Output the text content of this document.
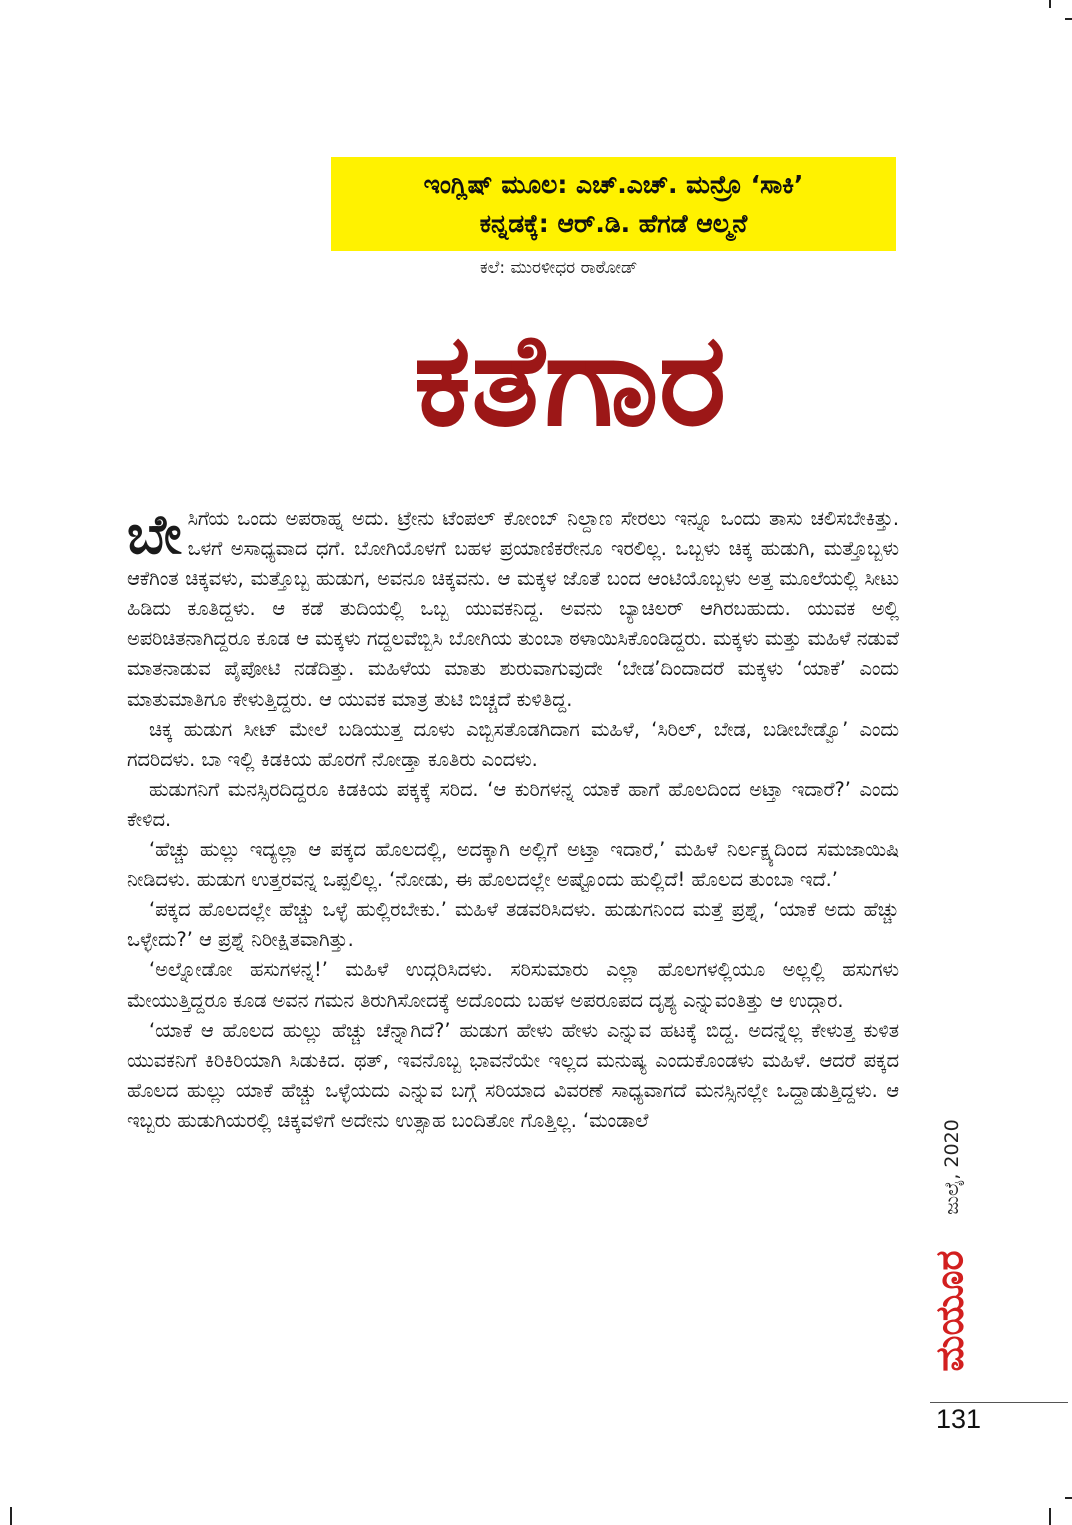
ಇಂಗ್ಲಿಷ್ ಮೂಲ: ಎಚ್.ಎಚ್. ಮನ್ರೊ ‘ಸಾಕಿ’
ಕನ್ನಡಕ್ಕೆ: ಆರ್.ಡಿ. ಹೆಗಡೆ ಆಲ್ಮನೆ
ಕಲೆ: ಮುರಳೀಧರ ರಾಠೋಡ್
ಕತೆಗಾರ

ಬೇಸಿಗೆಯ ಒಂದು ಅಪರಾಹ್ನ ಅದು. ಟ್ರೇನು ಟೆಂಪಲ್ ಕೋಂಬ್ ನಿಲ್ದಾಣ ಸೇರಲು ಇನ್ನೂ ಒಂದು ತಾಸು ಚಲಿಸಬೇಕಿತ್ತು. ಒಳಗೆ ಅಸಾಧ್ಯವಾದ ಧಗೆ. ಬೋಗಿಯೊಳಗೆ ಬಹಳ ಪ್ರಯಾಣಿಕರೇನೂ ಇರಲಿಲ್ಲ. ಒಬ್ಬಳು ಚಿಕ್ಕ ಹುಡುಗಿ, ಮತ್ತೊಬ್ಬಳು ಆಕೆಗಿಂತ ಚಿಕ್ಕವಳು, ಮತ್ತೊಬ್ಬ ಹುಡುಗ, ಅವನೂ ಚಿಕ್ಕವನು. ಆ ಮಕ್ಕಳ ಜೊತೆ ಬಂದ ಆಂಟಿಯೊಬ್ಬಳು ಅತ್ತ ಮೂಲೆಯಲ್ಲಿ ಸೀಟು ಹಿಡಿದು ಕೂತಿದ್ದಳು. ಆ ಕಡೆ ತುದಿಯಲ್ಲಿ ಒಬ್ಬ ಯುವಕನಿದ್ದ. ಅವನು ಬ್ಯಾಚಿಲರ್ ಆಗಿರಬಹುದು. ಯುವಕ ಅಲ್ಲಿ ಅಪರಿಚಿತನಾಗಿದ್ದರೂ ಕೂಡ ಆ ಮಕ್ಕಳು ಗದ್ದಲವೆಬ್ಬಿಸಿ ಬೋಗಿಯ ತುಂಬಾ ಠಳಾಯಿಸಿಕೊಂಡಿದ್ದರು. ಮಕ್ಕಳು ಮತ್ತು ಮಹಿಳೆ ನಡುವೆ ಮಾತನಾಡುವ ಪೈಪೋಟಿ ನಡೆದಿತ್ತು. ಮಹಿಳೆಯ ಮಾತು ಶುರುವಾಗುವುದೇ ‘ಬೇಡ’ದಿಂದಾದರೆ ಮಕ್ಕಳು ‘ಯಾಕೆ’ ಎಂದು ಮಾತುಮಾತಿಗೂ ಕೇಳುತ್ತಿದ್ದರು. ಆ ಯುವಕ ಮಾತ್ರ ತುಟಿ ಬಿಚ್ಚದೆ ಕುಳಿತಿದ್ದ.

ಚಿಕ್ಕ ಹುಡುಗ ಸೀಟ್ ಮೇಲೆ ಬಡಿಯುತ್ತ ದೂಳು ಎಬ್ಬಿಸತೊಡಗಿದಾಗ ಮಹಿಳೆ, ‘ಸಿರಿಲ್, ಬೇಡ, ಬಡೀಬೇಡ್ವೊ’ ಎಂದು ಗದರಿದಳು. ಬಾ ಇಲ್ಲಿ ಕಿಡಕಿಯ ಹೊರಗೆ ನೋಡ್ತಾ ಕೂತಿರು ಎಂದಳು.

ಹುಡುಗನಿಗೆ ಮನಸ್ಸಿರದಿದ್ದರೂ ಕಿಡಕಿಯ ಪಕ್ಕಕ್ಕೆ ಸರಿದ. ‘ಆ ಕುರಿಗಳನ್ನ ಯಾಕೆ ಹಾಗೆ ಹೊಲದಿಂದ ಅಟ್ತಾ ಇದಾರೆ?’ ಎಂದು ಕೇಳಿದ.

‘ಹೆಚ್ಚು ಹುಲ್ಲು ಇದ್ಯಲ್ಲಾ ಆ ಪಕ್ಕದ ಹೊಲದಲ್ಲಿ, ಅದಕ್ಕಾಗಿ ಅಲ್ಲಿಗೆ ಅಟ್ತಾ ಇದಾರೆ,’ ಮಹಿಳೆ ನಿರ್ಲಕ್ಷ್ಯದಿಂದ ಸಮಜಾಯಿಷಿ ನೀಡಿದಳು. ಹುಡುಗ ಉತ್ತರವನ್ನ ಒಪ್ಪಲಿಲ್ಲ. ‘ನೋಡು, ಈ ಹೊಲದಲ್ಲೇ ಅಷ್ಟೊಂದು ಹುಲ್ಲಿದೆ! ಹೊಲದ ತುಂಬಾ ಇದೆ.’

‘ಪಕ್ಕದ ಹೊಲದಲ್ಲೇ ಹೆಚ್ಚು ಒಳ್ಳೆ ಹುಲ್ಲಿರಬೇಕು.’ ಮಹಿಳೆ ತಡವರಿಸಿದಳು. ಹುಡುಗನಿಂದ ಮತ್ತೆ ಪ್ರಶ್ನೆ, ‘ಯಾಕೆ ಅದು ಹೆಚ್ಚು ಒಳ್ಳೇದು?’ ಆ ಪ್ರಶ್ನೆ ನಿರೀಕ್ಷಿತವಾಗಿತ್ತು.

‘ಅಲ್ನೋಡೋ ಹಸುಗಳನ್ನ!’ ಮಹಿಳೆ ಉದ್ಗರಿಸಿದಳು. ಸರಿಸುಮಾರು ಎಲ್ಲಾ ಹೊಲಗಳಲ್ಲಿಯೂ ಅಲ್ಲಲ್ಲಿ ಹಸುಗಳು ಮೇಯುತ್ತಿದ್ದರೂ ಕೂಡ ಅವನ ಗಮನ ತಿರುಗಿಸೋದಕ್ಕೆ ಅದೊಂದು ಬಹಳ ಅಪರೂಪದ ದೃಶ್ಯ ಎನ್ನುವಂತಿತ್ತು ಆ ಉದ್ಗಾರ.

‘ಯಾಕೆ ಆ ಹೊಲದ ಹುಲ್ಲು ಹೆಚ್ಚು ಚೆನ್ನಾಗಿದೆ?’ ಹುಡುಗ ಹೇಳು ಹೇಳು ಎನ್ನುವ ಹಟಕ್ಕೆ ಬಿದ್ದ. ಅದನ್ನೆಲ್ಲ ಕೇಳುತ್ತ ಕುಳಿತ ಯುವಕನಿಗೆ ಕಿರಿಕಿರಿಯಾಗಿ ಸಿಡುಕಿದ. ಥತ್, ಇವನೊಬ್ಬ ಭಾವನೆಯೇ ಇಲ್ಲದ ಮನುಷ್ಯ ಎಂದುಕೊಂಡಳು ಮಹಿಳೆ. ಆದರೆ ಪಕ್ಕದ ಹೊಲದ ಹುಲ್ಲು ಯಾಕೆ ಹೆಚ್ಚು ಒಳ್ಳೆಯದು ಎನ್ನುವ ಬಗ್ಗೆ ಸರಿಯಾದ ವಿವರಣೆ ಸಾಧ್ಯವಾಗದೆ ಮನಸ್ಸಿನಲ್ಲೇ ಒದ್ದಾಡುತ್ತಿದ್ದಳು. ಆ ಇಬ್ಬರು ಹುಡುಗಿಯರಲ್ಲಿ ಚಿಕ್ಕವಳಿಗೆ ಅದೇನು ಉತ್ಸಾಹ ಬಂದಿತೋ ಗೊತ್ತಿಲ್ಲ. ‘ಮಂಡಾಲೆ	ಜುಲೈ, 2020
ಮಯೂರ
131
